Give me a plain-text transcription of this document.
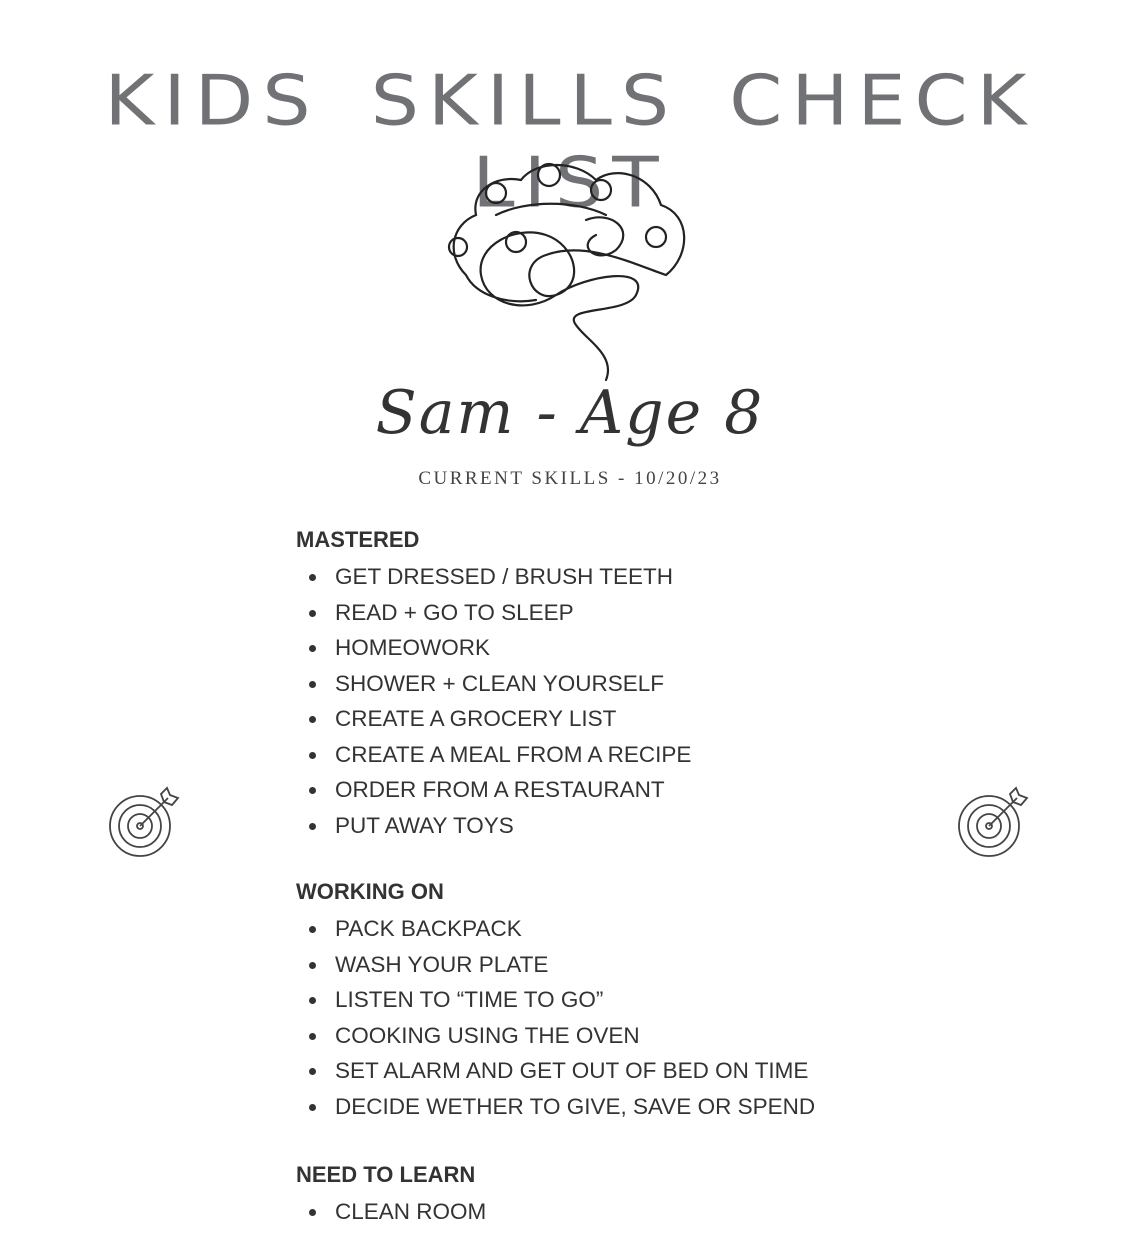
KIDS SKILLS CHECK LIST
Sam - Age 8
CURRENT SKILLS - 10/20/23
MASTERED
GET DRESSED / BRUSH TEETH
READ + GO TO SLEEP
HOMEOWORK
SHOWER + CLEAN YOURSELF
CREATE A GROCERY LIST
CREATE A MEAL FROM A RECIPE
ORDER FROM A RESTAURANT
PUT AWAY TOYS
WORKING ON
PACK BACKPACK
WASH YOUR PLATE
LISTEN TO “TIME TO GO”
COOKING USING THE OVEN
SET ALARM AND GET OUT OF BED ON TIME
DECIDE WETHER TO GIVE, SAVE OR SPEND
NEED TO LEARN
CLEAN ROOM
